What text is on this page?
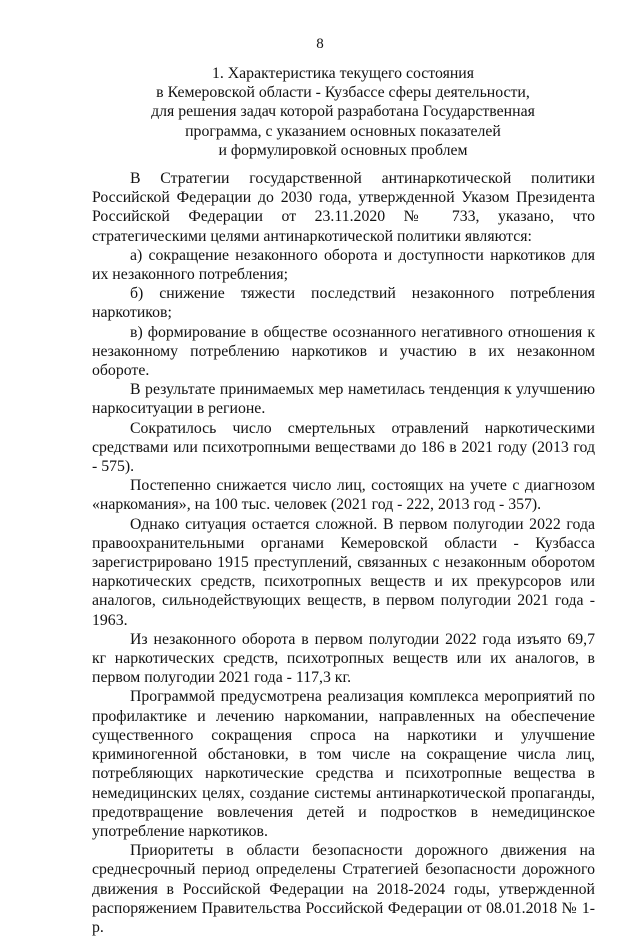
8
1. Характеристика текущего состояния
в Кемеровской области - Кузбассе сферы деятельности,
для решения задач которой разработана Государственная
программа, с указанием основных показателей
и формулировкой основных проблем

В Стратегии государственной антинаркотической политики Российской Федерации до 2030 года, утвержденной Указом Президента Российской Федерации от 23.11.2020 № 733, указано, что стратегическими целями антинаркотической политики являются:

а) сокращение незаконного оборота и доступности наркотиков для их незаконного потребления;

б) снижение тяжести последствий незаконного потребления наркотиков;

в) формирование в обществе осознанного негативного отношения к незаконному потреблению наркотиков и участию в их незаконном обороте.

В результате принимаемых мер наметилась тенденция к улучшению наркоситуации в регионе.

Сократилось число смертельных отравлений наркотическими средствами или психотропными веществами до 186 в 2021 году (2013 год - 575).

Постепенно снижается число лиц, состоящих на учете с диагнозом «наркомания», на 100 тыс. человек (2021 год - 222, 2013 год - 357).

Однако ситуация остается сложной. В первом полугодии 2022 года правоохранительными органами Кемеровской области - Кузбасса зарегистрировано 1915 преступлений, связанных с незаконным оборотом наркотических средств, психотропных веществ и их прекурсоров или аналогов, сильнодействующих веществ, в первом полугодии 2021 года - 1963.

Из незаконного оборота в первом полугодии 2022 года изъято 69,7 кг наркотических средств, психотропных веществ или их аналогов, в первом полугодии 2021 года - 117,3 кг.

Программой предусмотрена реализация комплекса мероприятий по профилактике и лечению наркомании, направленных на обеспечение существенного сокращения спроса на наркотики и улучшение криминогенной обстановки, в том числе на сокращение числа лиц, потребляющих наркотические средства и психотропные вещества в немедицинских целях, создание системы антинаркотической пропаганды, предотвращение вовлечения детей и подростков в немедицинское употребление наркотиков.

Приоритеты в области безопасности дорожного движения на среднесрочный период определены Стратегией безопасности дорожного движения в Российской Федерации на 2018-2024 годы, утвержденной распоряжением Правительства Российской Федерации от 08.01.2018 № 1-р.
